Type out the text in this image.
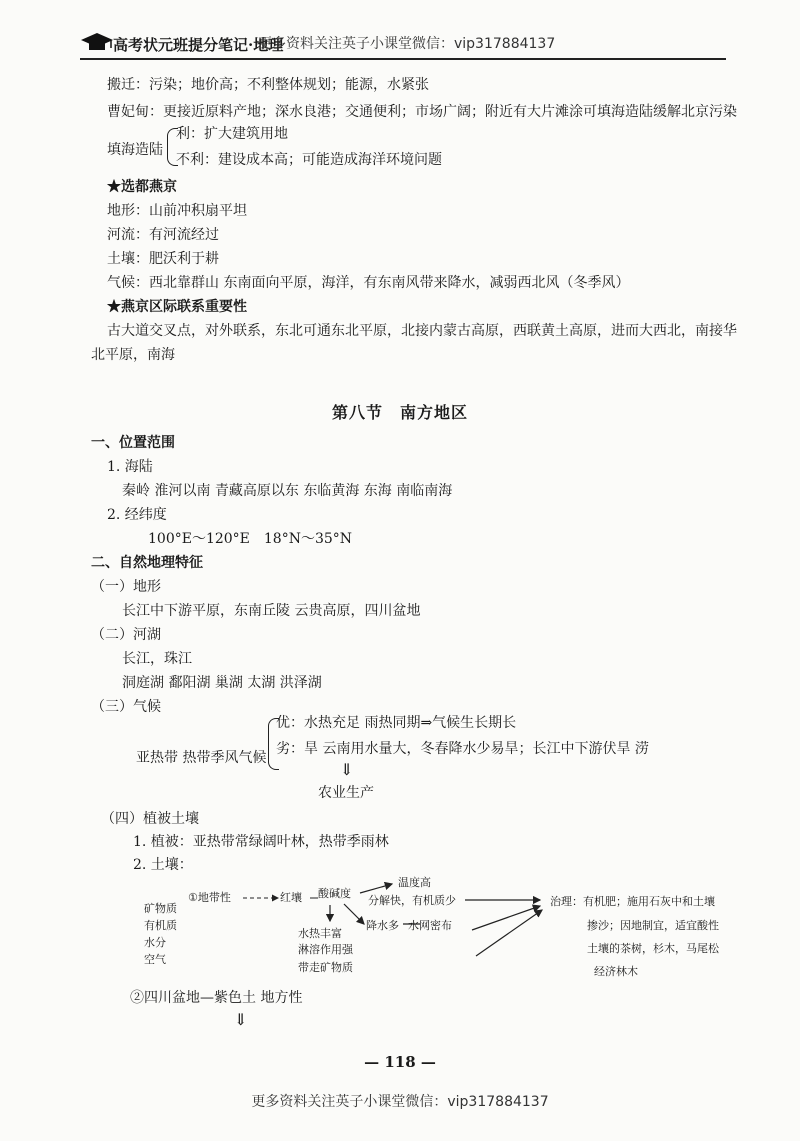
高考状元班提分笔记·地理
更多资料关注英子小课堂微信：vip317884137
搬迁：污染；地价高；不利整体规划；能源，水紧张
曹妃甸：更接近原料产地；深水良港；交通便利；市场广阔；附近有大片滩涂可填海造陆缓解北京污染
填海造陆
利：扩大建筑用地
不利：建设成本高；可能造成海洋环境问题
★选都燕京
地形：山前冲积扇平坦
河流：有河流经过
土壤：肥沃利于耕
气候：西北靠群山 东南面向平原，海洋，有东南风带来降水，减弱西北风（冬季风）
★燕京区际联系重要性
古大道交叉点，对外联系，东北可通东北平原，北接内蒙古高原，西联黄土高原，进而大西北，南接华
北平原，南海
第八节　南方地区
一、位置范围
1. 海陆
秦岭 淮河以南 青藏高原以东 东临黄海 东海 南临南海
2. 经纬度
100°E～120°E　18°N～35°N
二、自然地理特征
（一）地形
长江中下游平原，东南丘陵 云贵高原，四川盆地
（二）河湖
长江，珠江
洞庭湖 鄱阳湖 巢湖 太湖 洪泽湖
（三）气候
亚热带 热带季风气候
优：水热充足 雨热同期⇒气候生长期长
劣：旱 云南用水量大，冬春降水少易旱；长江中下游伏旱 涝
⇓
农业生产
（四）植被土壤
1. 植被：亚热带常绿阔叶林，热带季雨林
2. 土壤：
①地带性	红壤 酸碱度
温度高
分解快，有机质少
降水多 水网密布
水热丰富
淋溶作用强
带走矿物质
矿物质
有机质
水分
空气
治理：有机肥；施用石灰中和土壤
掺沙；因地制宜，适宜酸性
土壤的茶树，杉木，马尾松
经济林木
②四川盆地—紫色土 地方性
⇓
— 118 —
更多资料关注英子小课堂微信：vip317884137
